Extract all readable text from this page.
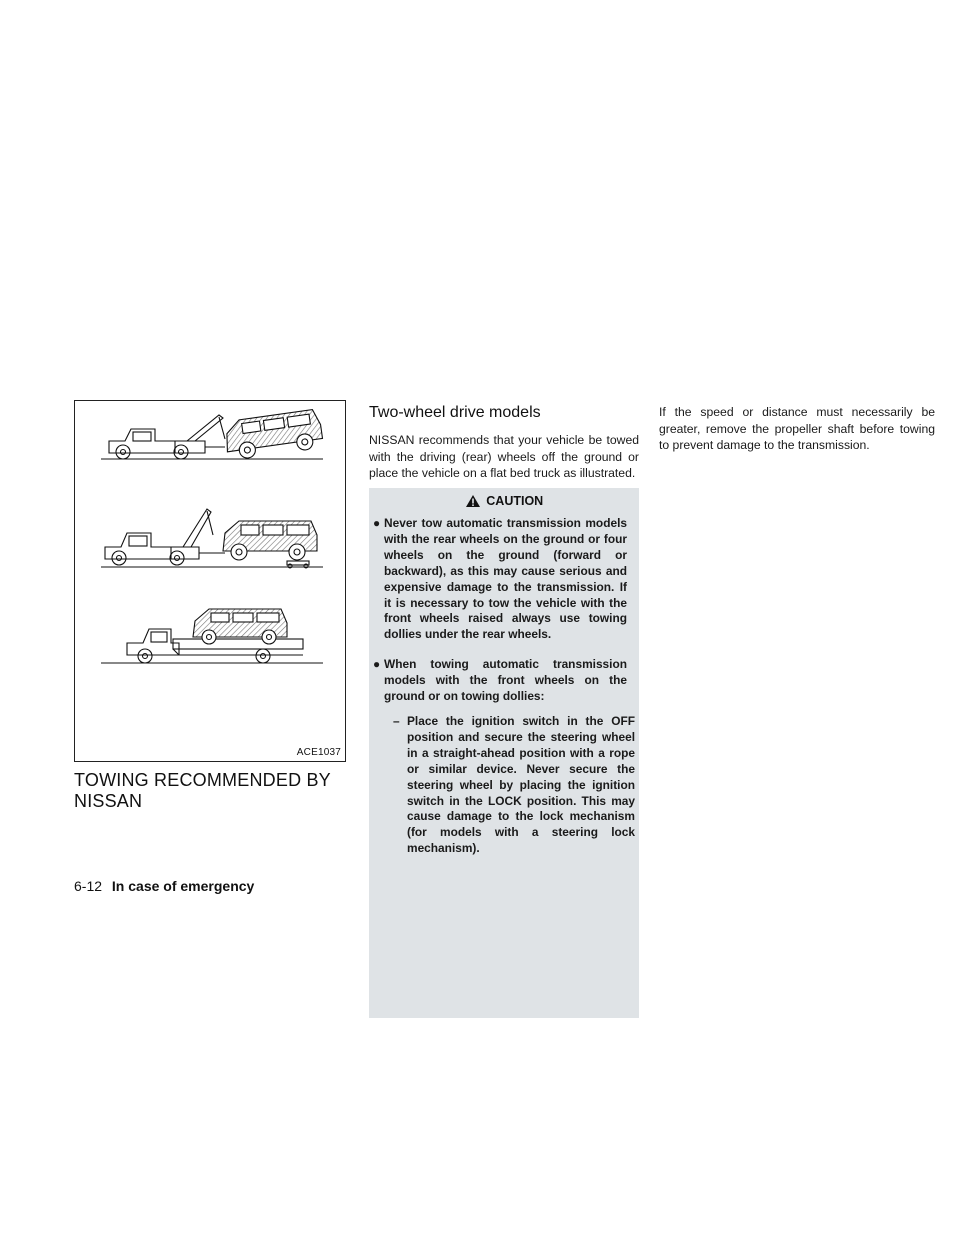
ACE1037
TOWING RECOMMENDED BY NISSAN
Two-wheel drive models
NISSAN recommends that your vehicle be towed with the driving (rear) wheels off the ground or place the vehicle on a flat bed truck as illustrated.
CAUTION
● Never tow automatic transmission models with the rear wheels on the ground or four wheels on the ground (forward or backward), as this may cause serious and expensive damage to the transmission. If it is necessary to tow the vehicle with the front wheels raised always use towing dollies under the rear wheels.
● When towing automatic transmission models with the front wheels on the ground or on towing dollies:
– Place the ignition switch in the OFF position and secure the steering wheel in a straight-ahead position with a rope or similar device. Never secure the steering wheel by placing the ignition switch in the LOCK position. This may cause damage to the lock mechanism (for models with a steering lock mechanism).
If the speed or distance must necessarily be greater, remove the propeller shaft before towing to prevent damage to the transmission.
6-12 In case of emergency
